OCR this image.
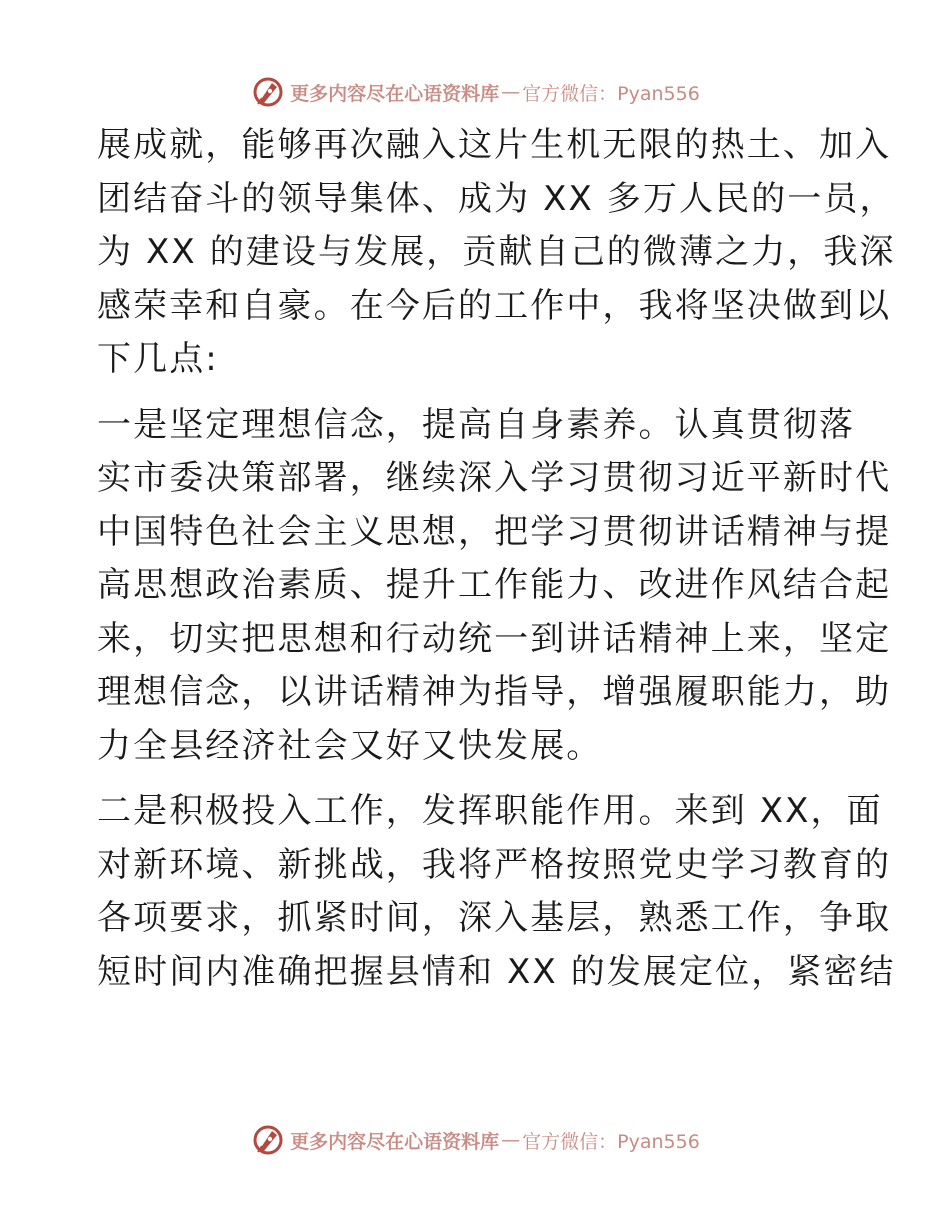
更多内容尽在心语资料库 — 官方微信：Pyan556
展成就，能够再次融入这片生机无限的热土、加入
团结奋斗的领导集体、成为 XX 多万人民的一员，
为 XX 的建设与发展，贡献自己的微薄之力，我深
感荣幸和自豪。在今后的工作中，我将坚决做到以
下几点:
一是坚定理想信念，提高自身素养。认真贯彻落
实市委决策部署，继续深入学习贯彻习近平新时代
中国特色社会主义思想，把学习贯彻讲话精神与提
高思想政治素质、提升工作能力、改进作风结合起
来，切实把思想和行动统一到讲话精神上来，坚定
理想信念，以讲话精神为指导，增强履职能力，助
力全县经济社会又好又快发展。
二是积极投入工作，发挥职能作用。来到 XX，面
对新环境、新挑战，我将严格按照党史学习教育的
各项要求，抓紧时间，深入基层，熟悉工作，争取
短时间内准确把握县情和 XX 的发展定位，紧密结
更多内容尽在心语资料库 — 官方微信：Pyan556
